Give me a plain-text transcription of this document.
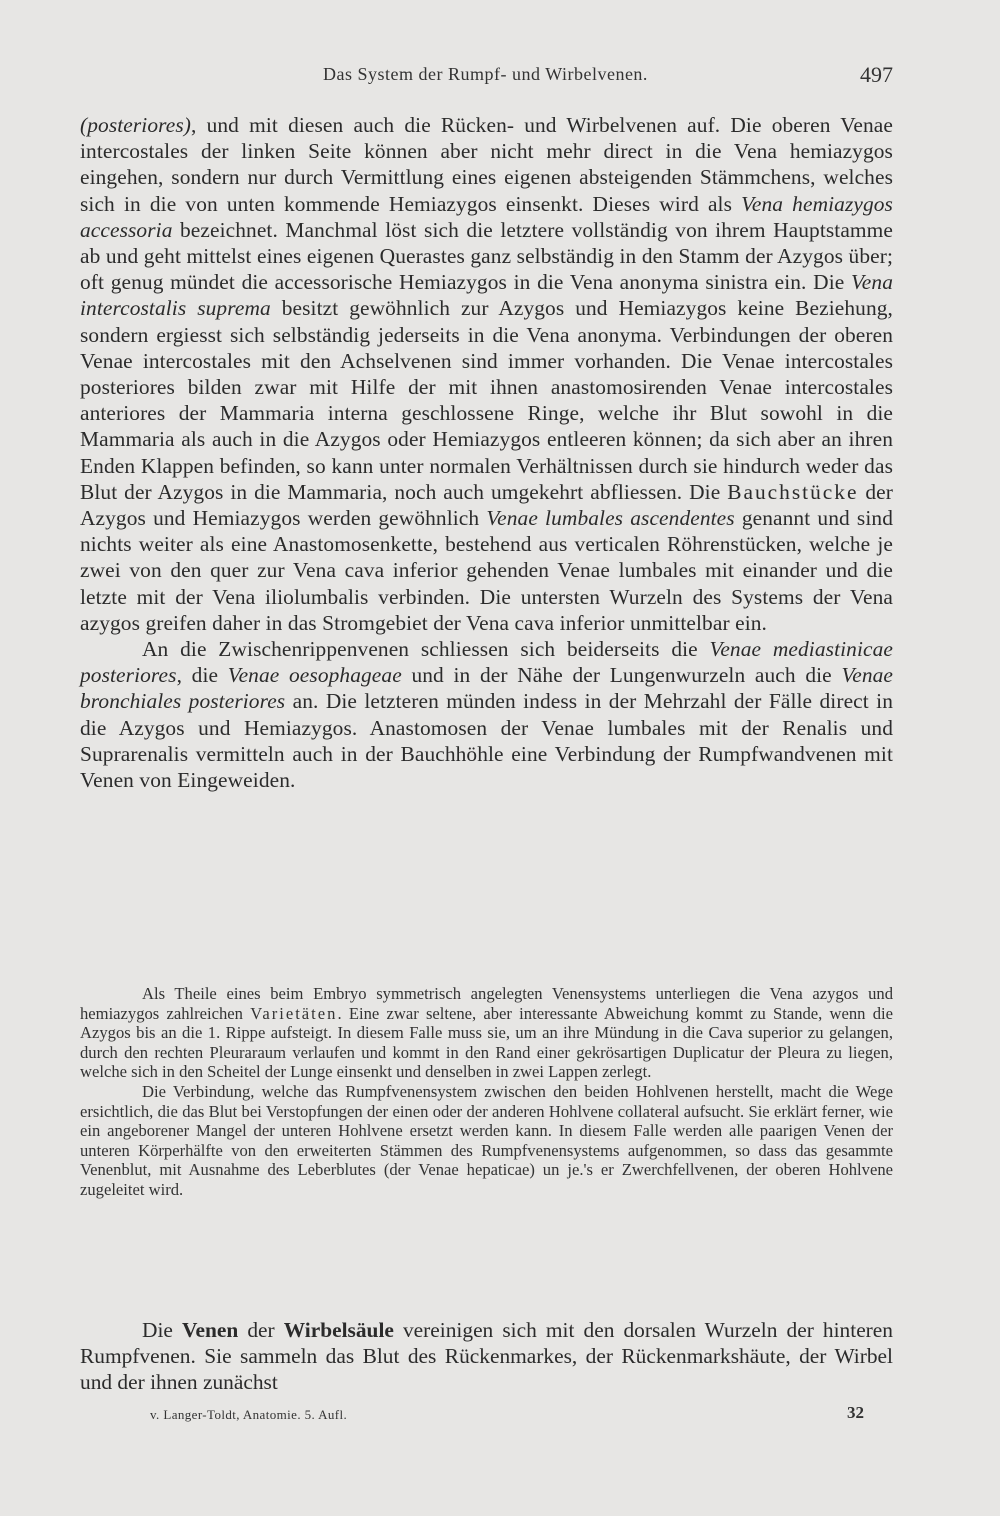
Das System der Rumpf- und Wirbelvenen.	497

(posteriores), und mit diesen auch die Rücken- und Wirbelvenen auf. Die oberen Venae intercostales der linken Seite können aber nicht mehr direct in die Vena hemiazygos eingehen, sondern nur durch Vermittlung eines eigenen absteigenden Stämmchens, welches sich in die von unten kommende Hemiazygos einsenkt. Dieses wird als Vena hemiazygos accessoria bezeichnet. Manchmal löst sich die letztere vollständig von ihrem Hauptstamme ab und geht mittelst eines eigenen Querastes ganz selbständig in den Stamm der Azygos über; oft genug mündet die accessorische Hemiazygos in die Vena anonyma sinistra ein. Die Vena intercostalis suprema besitzt gewöhnlich zur Azygos und Hemiazygos keine Beziehung, sondern ergiesst sich selbständig jederseits in die Vena anonyma. Verbindungen der oberen Venae intercostales mit den Achselvenen sind immer vorhanden. Die Venae intercostales posteriores bilden zwar mit Hilfe der mit ihnen anastomosirenden Venae intercostales anteriores der Mammaria interna geschlossene Ringe, welche ihr Blut sowohl in die Mammaria als auch in die Azygos oder Hemiazygos entleeren können; da sich aber an ihren Enden Klappen befinden, so kann unter normalen Verhältnissen durch sie hindurch weder das Blut der Azygos in die Mammaria, noch auch umgekehrt abfliessen. Die Bauchstücke der Azygos und Hemiazygos werden gewöhnlich Venae lumbales ascendentes genannt und sind nichts weiter als eine Anastomosenkette, bestehend aus verticalen Röhrenstücken, welche je zwei von den quer zur Vena cava inferior gehenden Venae lumbales mit einander und die letzte mit der Vena iliolumbalis verbinden. Die untersten Wurzeln des Systems der Vena azygos greifen daher in das Stromgebiet der Vena cava inferior unmittelbar ein.

An die Zwischenrippenvenen schliessen sich beiderseits die Venae mediastinicae posteriores, die Venae oesophageae und in der Nähe der Lungenwurzeln auch die Venae bronchiales posteriores an. Die letzteren münden indess in der Mehrzahl der Fälle direct in die Azygos und Hemiazygos. Anastomosen der Venae lumbales mit der Renalis und Suprarenalis vermitteln auch in der Bauchhöhle eine Verbindung der Rumpfwandvenen mit Venen von Eingeweiden.

Als Theile eines beim Embryo symmetrisch angelegten Venensystems unterliegen die Vena azygos und hemiazygos zahlreichen Varietäten. Eine zwar seltene, aber interessante Abweichung kommt zu Stande, wenn die Azygos bis an die 1. Rippe aufsteigt. In diesem Falle muss sie, um an ihre Mündung in die Cava superior zu gelangen, durch den rechten Pleuraraum verlaufen und kommt in den Rand einer gekrösartigen Duplicatur der Pleura zu liegen, welche sich in den Scheitel der Lunge einsenkt und denselben in zwei Lappen zerlegt.

Die Verbindung, welche das Rumpfvenensystem zwischen den beiden Hohlvenen herstellt, macht die Wege ersichtlich, die das Blut bei Verstopfungen der einen oder der anderen Hohlvene collateral aufsucht. Sie erklärt ferner, wie ein angeborener Mangel der unteren Hohlvene ersetzt werden kann. In diesem Falle werden alle paarigen Venen der unteren Körperhälfte von den erweiterten Stämmen des Rumpfvenensystems aufgenommen, so dass das gesammte Venenblut, mit Ausnahme des Leberblutes (der Venae hepaticae) un je.'s er Zwerchfellvenen, der oberen Hohlvene zugeleitet wird.

Die Venen der Wirbelsäule vereinigen sich mit den dorsalen Wurzeln der hinteren Rumpfvenen. Sie sammeln das Blut des Rückenmarkes, der Rückenmarkshäute, der Wirbel und der ihnen zunächst

v. Langer-Toldt, Anatomie. 5. Aufl.	32
